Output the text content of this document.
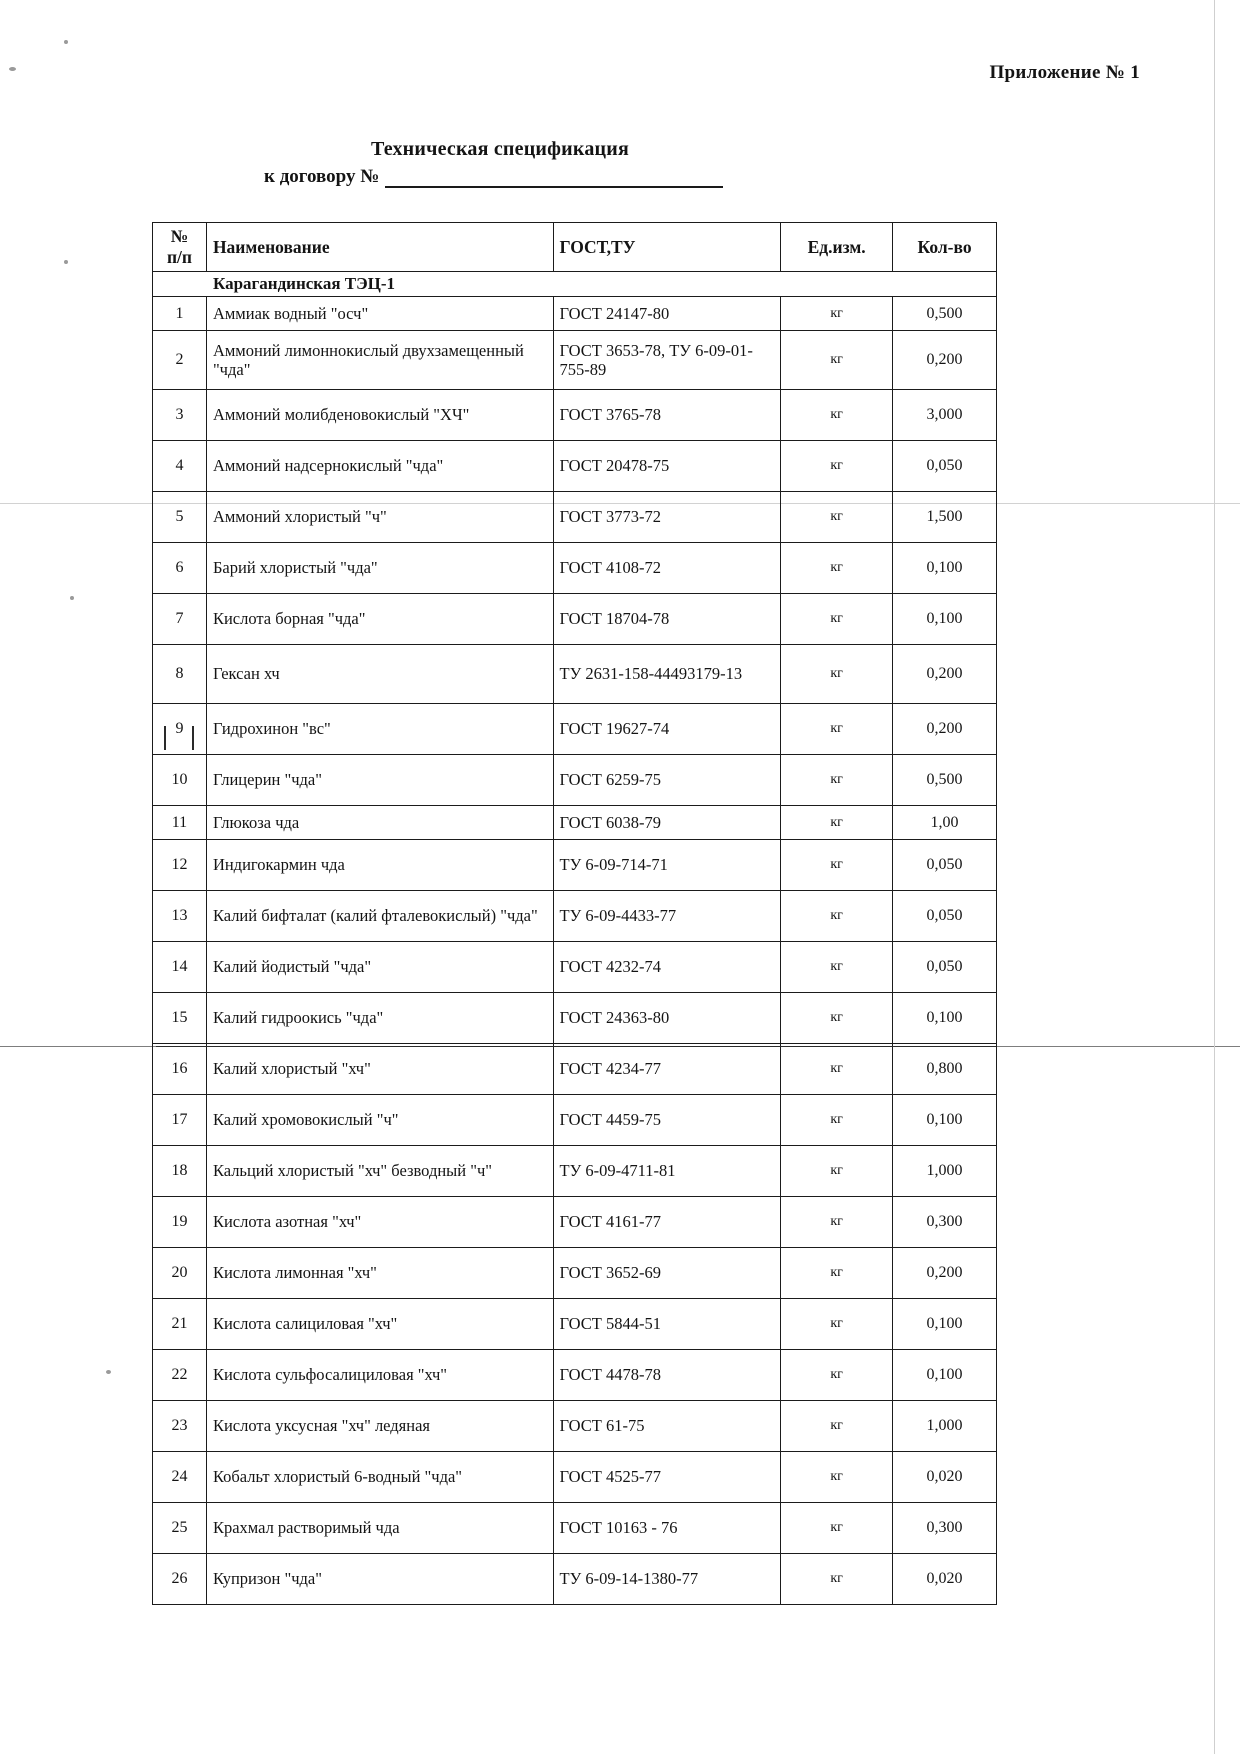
Приложение № 1
Техническая спецификация
к договору №
№
п/п	Наименование	ГОСТ,ТУ	Ед.изм.	Кол-во
Карагандинская ТЭЦ-1				
1	Аммиак водный "осч"	ГОСТ 24147-80	кг	0,500
2	Аммоний лимоннокислый двухзамещенный "чда"	ГОСТ 3653-78, ТУ 6-09-01-755-89	кг	0,200
3	Аммоний молибденовокислый "ХЧ"	ГОСТ 3765-78	кг	3,000
4	Аммоний надсернокислый "чда"	ГОСТ 20478-75	кг	0,050
5	Аммоний хлористый "ч"	ГОСТ 3773-72	кг	1,500
6	Барий хлористый "чда"	ГОСТ 4108-72	кг	0,100
7	Кислота борная "чда"	ГОСТ 18704-78	кг	0,100
8	Гексан хч	ТУ 2631-158-44493179-13	кг	0,200
9	Гидрохинон "вс"	ГОСТ 19627-74	кг	0,200
10	Глицерин "чда"	ГОСТ 6259-75	кг	0,500
11	Глюкоза чда	ГОСТ 6038-79	кг	1,00
12	Индигокармин чда	ТУ 6-09-714-71	кг	0,050
13	Калий бифталат (калий фталевокислый) "чда"	ТУ 6-09-4433-77	кг	0,050
14	Калий йодистый "чда"	ГОСТ 4232-74	кг	0,050
15	Калий гидроокись "чда"	ГОСТ 24363-80	кг	0,100
16	Калий хлористый "хч"	ГОСТ 4234-77	кг	0,800
17	Калий хромовокислый "ч"	ГОСТ 4459-75	кг	0,100
18	Кальций хлористый "хч" безводный "ч"	ТУ 6-09-4711-81	кг	1,000
19	Кислота азотная "хч"	ГОСТ 4161-77	кг	0,300
20	Кислота лимонная "хч"	ГОСТ 3652-69	кг	0,200
21	Кислота салициловая "хч"	ГОСТ 5844-51	кг	0,100
22	Кислота сульфосалициловая "хч"	ГОСТ 4478-78	кг	0,100
23	Кислота уксусная "хч" ледяная	ГОСТ 61-75	кг	1,000
24	Кобальт хлористый 6-водный "чда"	ГОСТ 4525-77	кг	0,020
25	Крахмал растворимый чда	ГОСТ 10163 - 76	кг	0,300
26	Купризон "чда"	ТУ 6-09-14-1380-77	кг	0,020
